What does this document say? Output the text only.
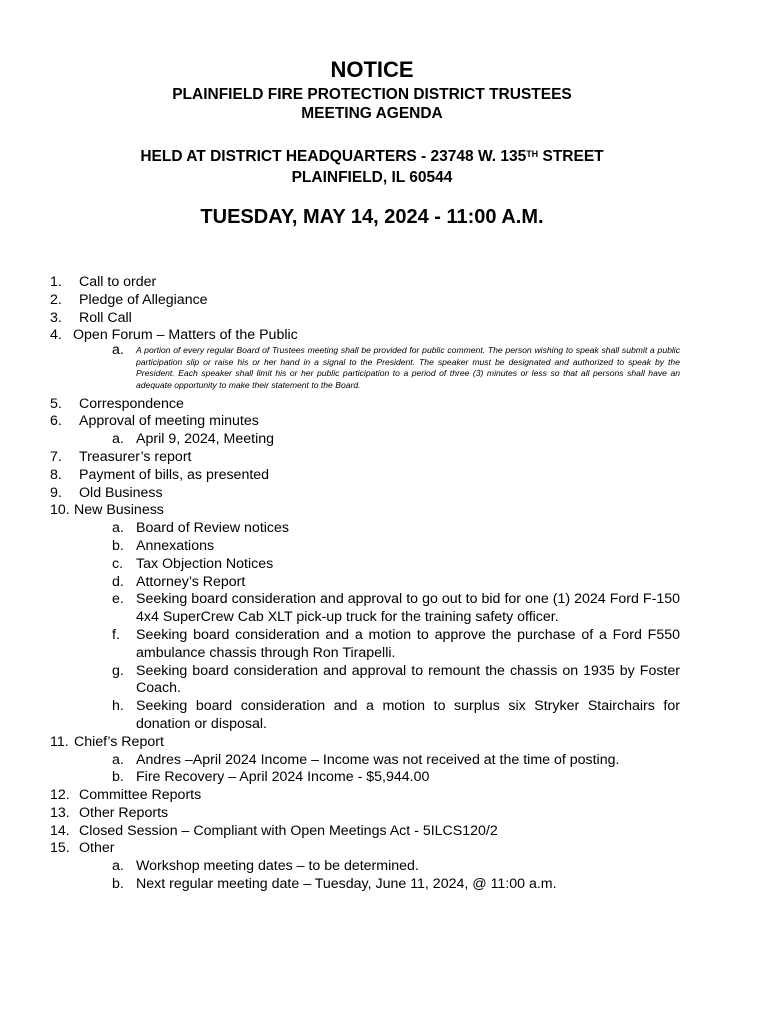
NOTICE
PLAINFIELD FIRE PROTECTION DISTRICT TRUSTEES
MEETING AGENDA
HELD AT DISTRICT HEADQUARTERS - 23748 W. 135TH STREET
PLAINFIELD, IL 60544
TUESDAY, MAY 14, 2024 - 11:00 A.M.
1.	Call to order
2.	Pledge of Allegiance
3.	Roll Call
4. Open Forum – Matters of the Public
a. A portion of every regular Board of Trustees meeting shall be provided for public comment. The person wishing to speak shall submit a public participation slip or raise his or her hand in a signal to the President. The speaker must be designated and authorized to speak by the President. Each speaker shall limit his or her public participation to a period of three (3) minutes or less so that all persons shall have an adequate opportunity to make their statement to the Board.
5.	Correspondence
6.	Approval of meeting minutes
a. April 9, 2024, Meeting
7.	Treasurer’s report
8.	Payment of bills, as presented
9.	Old Business
10. New Business
a. Board of Review notices
b. Annexations
c. Tax Objection Notices
d. Attorney’s Report
e. Seeking board consideration and approval to go out to bid for one (1) 2024 Ford F-150 4x4 SuperCrew Cab XLT pick-up truck for the training safety officer.
f. Seeking board consideration and a motion to approve the purchase of a Ford F550 ambulance chassis through Ron Tirapelli.
g. Seeking board consideration and approval to remount the chassis on 1935 by Foster Coach.
h. Seeking board consideration and a motion to surplus six Stryker Stairchairs for donation or disposal.
11. Chief’s Report
a. Andres –April 2024 Income – Income was not received at the time of posting.
b. Fire Recovery – April 2024 Income - $5,944.00
12. Committee Reports
13. Other Reports
14. Closed Session – Compliant with Open Meetings Act - 5ILCS120/2
15. Other
a. Workshop meeting dates – to be determined.
b. Next regular meeting date – Tuesday, June 11, 2024, @ 11:00 a.m.
